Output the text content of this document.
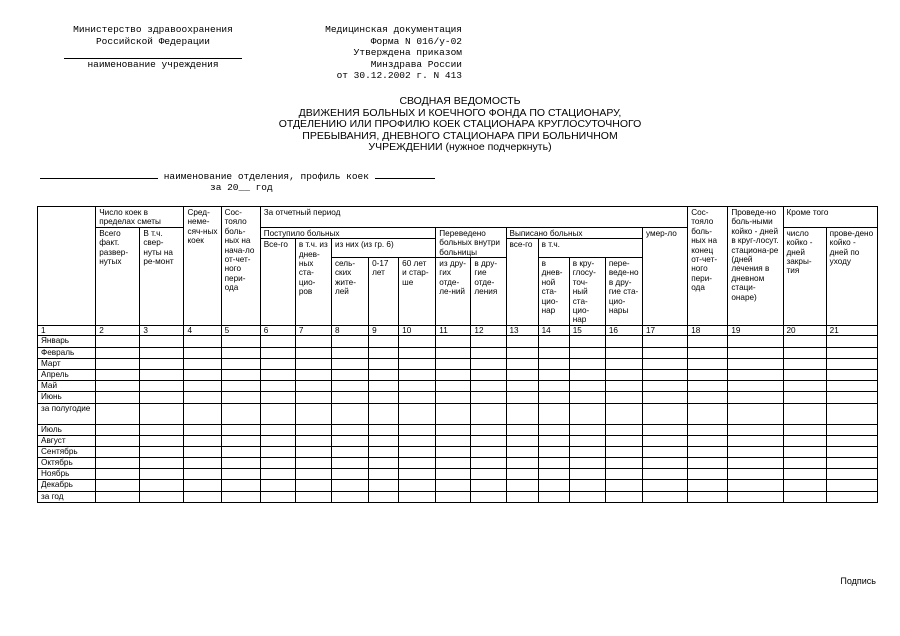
Министерство здравоохранения
Российской Федерации
наименование учреждения
Медицинская документация
Форма N 016/у-02
Утверждена приказом
Минздрава России
от 30.12.2002 г. N 413
СВОДНАЯ ВЕДОМОСТЬ
ДВИЖЕНИЯ БОЛЬНЫХ И КОЕЧНОГО ФОНДА ПО СТАЦИОНАРУ,
ОТДЕЛЕНИЮ ИЛИ ПРОФИЛЮ КОЕК СТАЦИОНАРА КРУГЛОСУТОЧНОГО
ПРЕБЫВАНИЯ, ДНЕВНОГО СТАЦИОНАРА ПРИ БОЛЬНИЧНОМ
УЧРЕЖДЕНИИ (нужное подчеркнуть)
наименование отделения, профиль коек
за 20__ год
	Число коек в пределах сметы		Сред-неме-сяч-ных коек	Сос-тояло боль-ных на нача-ло от-чет-ного пери-ода	За отчетный период												Сос-тояло боль-ных на конец от-чет-ного пери-ода	Проведе-но боль-ными койко - дней в круг-лосут. стациона-ре (дней лечения в дневном стаци-онаре)	Кроме того	
	Всего факт. развер-нутых	В т.ч. свер-нуты на ре-монт			Поступило больных					Переведено больных внутри больницы		Выписано больных				умер-ло			число койко - дней закры-тия	прове-дено койко - дней по уходу
					Все-го	в т.ч. из днев-ных ста-цио-ров	из них (из гр. 6)					все-го	в т.ч.							
							сель-ских жите-лей	0-17 лет	60 лет и стар-ше	из дру-гих отде-ле-ний	в дру-гие отде-ления		в днев-ной ста-цио-нар	в кру-глосу-точ-ный ста-цио-нар	пере-веде-но в дру-гие ста-цио-нары					
1	2	3	4	5	6	7	8	9	10	11	12	13	14	15	16	17	18	19	20	21
Январь																				
Февраль																				
Март																				
Апрель																				
Май																				
Июнь																				
за полугодие																				
Июль																				
Август																				
Сентябрь																				
Октябрь																				
Ноябрь																				
Декабрь																				
за год																				
Подпись
